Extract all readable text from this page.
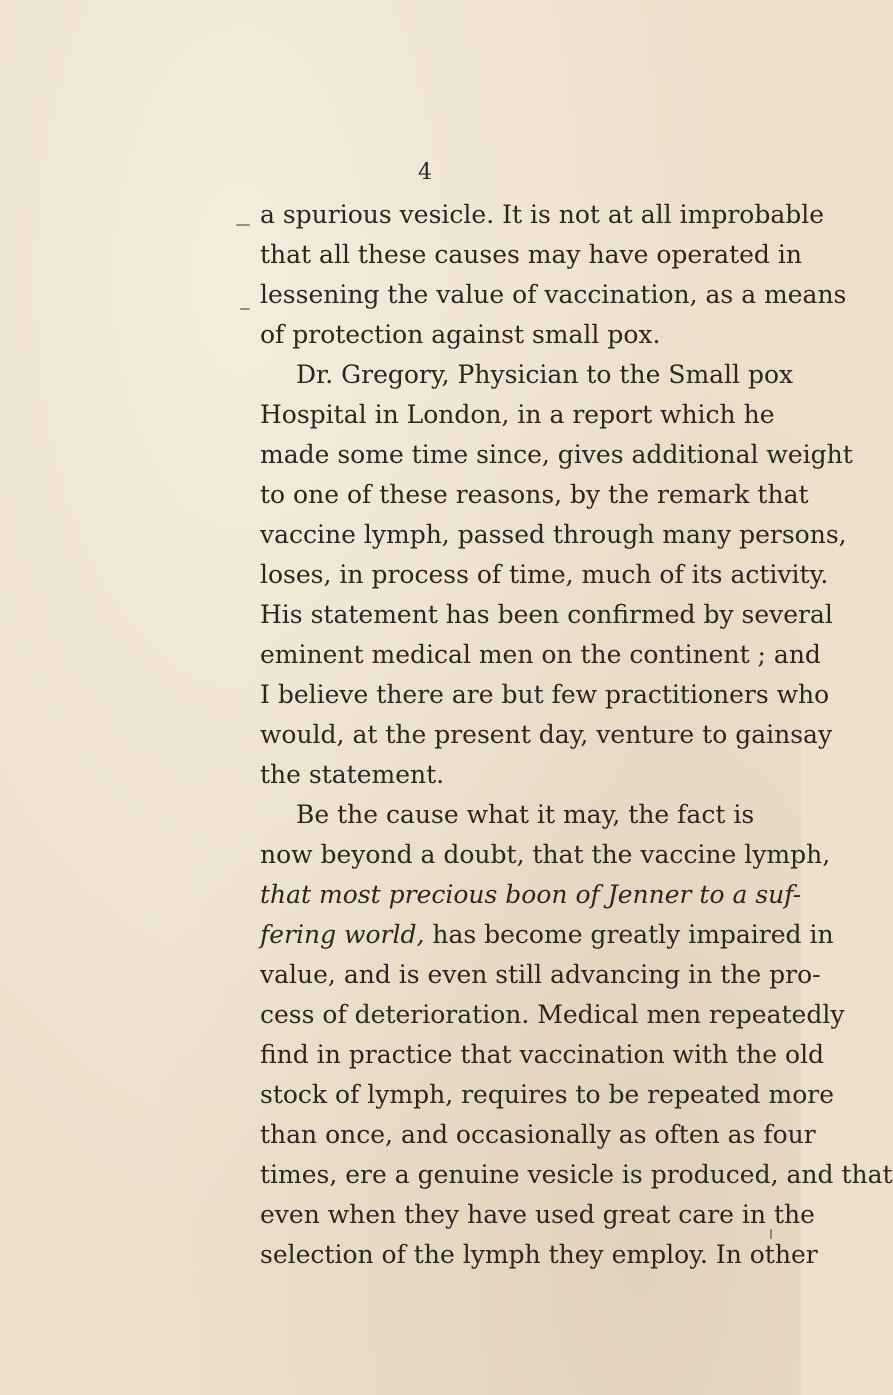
4
a spurious vesicle. It is not at all improbable
that all these causes may have operated in
lessening the value of vaccination, as a means
of protection against small pox.
Dr. Gregory, Physician to the Small pox
Hospital in London, in a report which he
made some time since, gives additional weight
to one of these reasons, by the remark that
vaccine lymph, passed through many persons,
loses, in process of time, much of its activity.
His statement has been confirmed by several
eminent medical men on the continent ; and
I believe there are but few practitioners who
would, at the present day, venture to gainsay
the statement.
Be the cause what it may, the fact is
now beyond a doubt, that the vaccine lymph,
that most precious boon of Jenner to a suf-
fering world, has become greatly impaired in
value, and is even still advancing in the pro-
cess of deterioration. Medical men repeatedly
find in practice that vaccination with the old
stock of lymph, requires to be repeated more
than once, and occasionally as often as four
times, ere a genuine vesicle is produced, and that
even when they have used great care in the
selection of the lymph they employ. In other
